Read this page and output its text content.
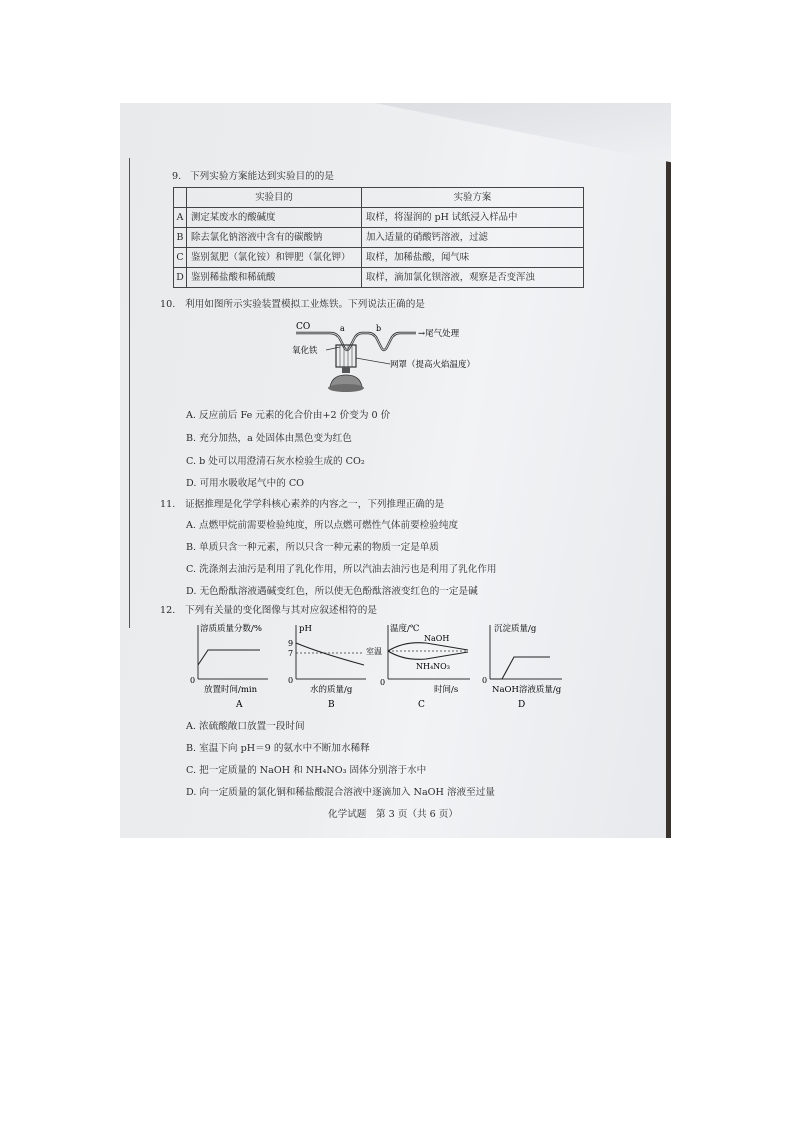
9. 下列实验方案能达到实验目的的是
	实验目的	实验方案
A	测定某废水的酸碱度	取样，将湿润的 pH 试纸浸入样品中
B	除去氯化钠溶液中含有的碳酸钠	加入适量的硝酸钙溶液，过滤
C	鉴别氮肥（氯化铵）和钾肥（氯化钾）	取样，加稀盐酸，闻气味
D	鉴别稀盐酸和稀硫酸	取样，滴加氯化钡溶液，观察是否变浑浊
10. 利用如图所示实验装置模拟工业炼铁。下列说法正确的是
CO	a	b
→尾气处理
氧化铁
网罩（提高火焰温度）
A. 反应前后 Fe 元素的化合价由+2 价变为 0 价
B. 充分加热，a 处固体由黑色变为红色
C. b 处可以用澄清石灰水检验生成的 CO₂
D. 可用水吸收尾气中的 CO
11. 证据推理是化学学科核心素养的内容之一，下列推理正确的是
A. 点燃甲烷前需要检验纯度，所以点燃可燃性气体前要检验纯度
B. 单质只含一种元素，所以只含一种元素的物质一定是单质
C. 洗涤剂去油污是利用了乳化作用，所以汽油去油污也是利用了乳化作用
D. 无色酚酞溶液遇碱变红色，所以使无色酚酞溶液变红色的一定是碱
12. 下列有关量的变化图像与其对应叙述相符的是
溶质质量分数/%
0
放置时间/min
A
pH
9
7
0
水的质量/g
B
温度/℃
室温
NaOH
NH₄NO₃
0
时间/s
C
沉淀质量/g
0
NaOH溶液质量/g
D
A. 浓硫酸敞口放置一段时间
B. 室温下向 pH＝9 的氨水中不断加水稀释
C. 把一定质量的 NaOH 和 NH₄NO₃ 固体分别溶于水中
D. 向一定质量的氯化铜和稀盐酸混合溶液中逐滴加入 NaOH 溶液至过量
化学试题　第 3 页（共 6 页）
